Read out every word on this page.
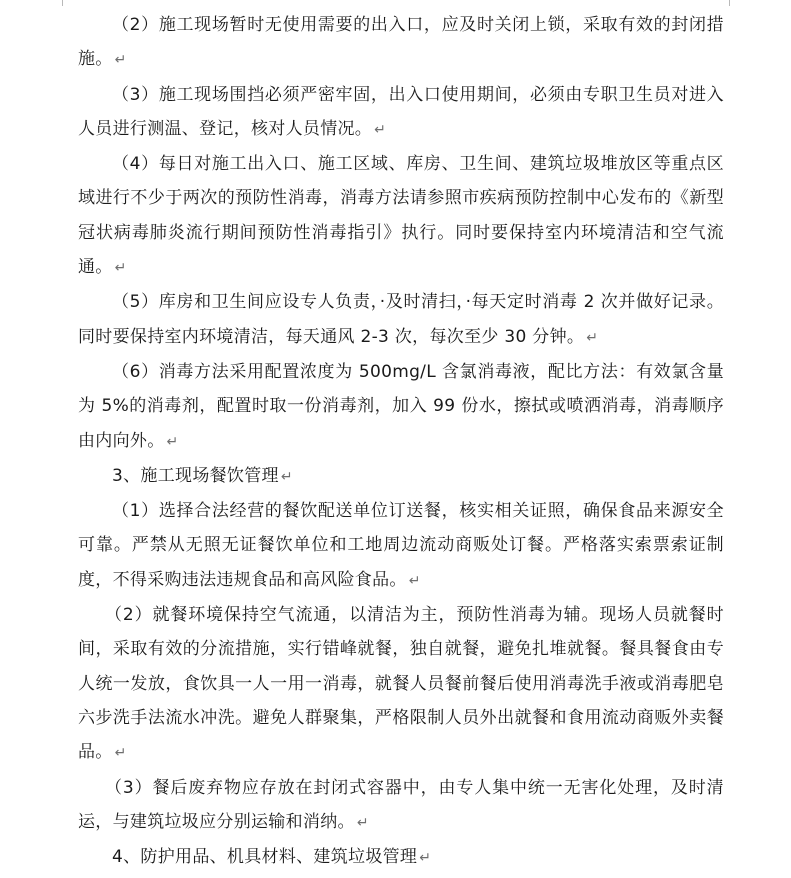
（2）施工现场暂时无使用需要的出入口，应及时关闭上锁，采取有效的封闭措施。 ↵

（3）施工现场围挡必须严密牢固，出入口使用期间，必须由专职卫生员对进入人员进行测温、登记，核对人员情况。 ↵

（4）每日对施工出入口、施工区域、库房、卫生间、建筑垃圾堆放区等重点区域进行不少于两次的预防性消毒，消毒方法请参照市疾病预防控制中心发布的《新型冠状病毒肺炎流行期间预防性消毒指引》执行。同时要保持室内环境清洁和空气流通。 ↵

（5）库房和卫生间应设专人负责，·及时清扫，·每天定时消毒 2 次并做好记录。同时要保持室内环境清洁，每天通风 2-3 次，每次至少 30 分钟。 ↵

（6）消毒方法采用配置浓度为 500mg/L 含氯消毒液，配比方法：有效氯含量为 5%的消毒剂，配置时取一份消毒剂，加入 99 份水，擦拭或喷洒消毒，消毒顺序由内向外。 ↵

3、施工现场餐饮管理 ↵

（1）选择合法经营的餐饮配送单位订送餐，核实相关证照，确保食品来源安全可靠。严禁从无照无证餐饮单位和工地周边流动商贩处订餐。严格落实索票索证制度，不得采购违法违规食品和高风险食品。 ↵

（2）就餐环境保持空气流通，以清洁为主，预防性消毒为辅。现场人员就餐时间，采取有效的分流措施，实行错峰就餐，独自就餐，避免扎堆就餐。餐具餐食由专人统一发放，食饮具一人一用一消毒，就餐人员餐前餐后使用消毒洗手液或消毒肥皂六步洗手法流水冲洗。避免人群聚集，严格限制人员外出就餐和食用流动商贩外卖餐品。 ↵

（3）餐后废弃物应存放在封闭式容器中，由专人集中统一无害化处理，及时清运，与建筑垃圾应分别运输和消纳。 ↵

4、防护用品、机具材料、建筑垃圾管理 ↵
